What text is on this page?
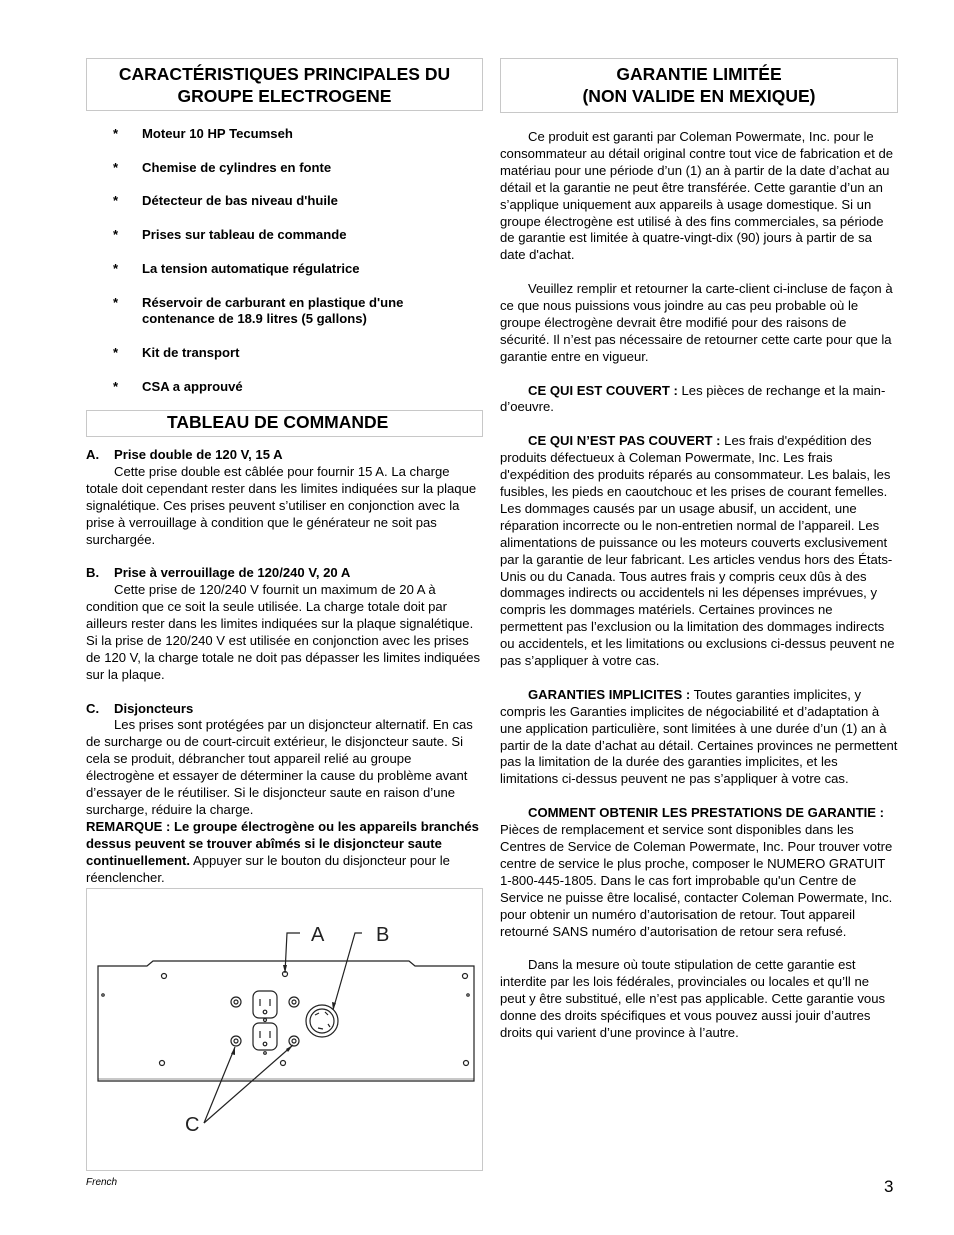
CARACTÉRISTIQUES PRINCIPALES DU
GROUPE ELECTROGENE
* Moteur 10 HP Tecumseh
* Chemise de cylindres en fonte
* Détecteur de bas niveau d'huile
* Prises sur tableau de commande
* La tension automatique régulatrice
* Réservoir de carburant en plastique d'une contenance de 18.9 litres (5 gallons)
* Kit de transport
* CSA a approuvé
TABLEAU DE COMMANDE
A. Prise double de 120 V, 15 A

Cette prise double est câblée pour fournir 15 A. La charge totale doit cependant rester dans les limites indiquées sur la plaque signalétique. Ces prises peuvent s’utiliser en conjonction avec la prise à verrouillage à condition que le générateur ne soit pas surchargée.

B. Prise à verrouillage de 120/240 V, 20 A

Cette prise de 120/240 V fournit un maximum de 20 A à condition que ce soit la seule utilisée. La charge totale doit par ailleurs rester dans les limites indiquées sur la plaque signalétique. Si la prise de 120/240 V est utilisée en conjonction avec les prises de 120 V, la charge totale ne doit pas dépasser les limites indiquées sur la plaque.

C. Disjoncteurs

Les prises sont protégées par un disjoncteur alternatif. En cas de surcharge ou de court-circuit extérieur, le disjoncteur saute. Si cela se produit, débrancher tout appareil relié au groupe électrogène et essayer de déterminer la cause du problème avant d’essayer de le réutiliser. Si le disjoncteur saute en raison d’une surcharge, réduire la charge.

REMARQUE : Le groupe électrogène ou les appareils branchés dessus peuvent se trouver abîmés si le disjoncteur saute continuellement. Appuyer sur le bouton du disjoncteur pour le réenclencher.

A	B
C
GARANTIE LIMITÉE
(NON VALIDE EN MEXIQUE)

Ce produit est garanti par Coleman Powermate, Inc. pour le consommateur au détail original contre tout vice de fabrication et de matériau pour une période d’un (1) an à partir de la date d’achat au détail et la garantie ne peut être transférée. Cette garantie d’un an s’applique uniquement aux appareils à usage domestique. Si un groupe électrogène est utilisé à des fins commerciales, sa période de garantie est limitée à quatre-vingt-dix (90) jours à partir de sa date d'achat.

Veuillez remplir et retourner la carte-client ci-incluse de façon à ce que nous puissions vous joindre au cas peu probable où le groupe électrogène devrait être modifié pour des raisons de sécurité. Il n’est pas nécessaire de retourner cette carte pour que la garantie entre en vigueur.

CE QUI EST COUVERT : Les pièces de rechange et la main-d’oeuvre.

CE QUI N’EST PAS COUVERT : Les frais d'expédition des produits défectueux à Coleman Powermate, Inc. Les frais d'expédition des produits réparés au consommateur. Les balais, les fusibles, les pieds en caoutchouc et les prises de courant femelles. Les dommages causés par un usage abusif, un accident, une réparation incorrecte ou le non-entretien normal de l’appareil. Les alimentations de puissance ou les moteurs couverts exclusivement par la garantie de leur fabricant. Les articles vendus hors des États-Unis ou du Canada. Tous autres frais y compris ceux dûs à des dommages indirects ou accidentels ni les dépenses imprévues, y compris les dommages matériels. Certaines provinces ne permettent pas l’exclusion ou la limitation des dommages indirects ou accidentels, et les limitations ou exclusions ci-dessus peuvent ne pas s’appliquer à votre cas.

GARANTIES IMPLICITES : Toutes garanties implicites, y compris les Garanties implicites de négociabilité et d’adaptation à une application particulière, sont limitées à une durée d’un (1) an à partir de la date d’achat au détail. Certaines provinces ne permettent pas la limitation de la durée des garanties implicites, et les limitations ci-dessus peuvent ne pas s’appliquer à votre cas.

COMMENT OBTENIR LES PRESTATIONS DE GARANTIE : Pièces de remplacement et service sont disponibles dans les Centres de Service de Coleman Powermate, Inc. Pour trouver votre centre de service le plus proche, composer le NUMERO GRATUIT 1-800-445-1805. Dans le cas fort improbable qu'un Centre de Service ne puisse être localisé, contacter Coleman Powermate, Inc. pour obtenir un numéro d’autorisation de retour. Tout appareil retourné SANS numéro d’autorisation de retour sera refusé.

Dans la mesure où toute stipulation de cette garantie est interdite par les lois fédérales, provinciales ou locales et qu’ll ne peut y être substitué, elle n’est pas applicable. Cette garantie vous donne des droits spécifiques et vous pouvez aussi jouir d’autres droits qui varient d’une province à l’autre.

French	3
